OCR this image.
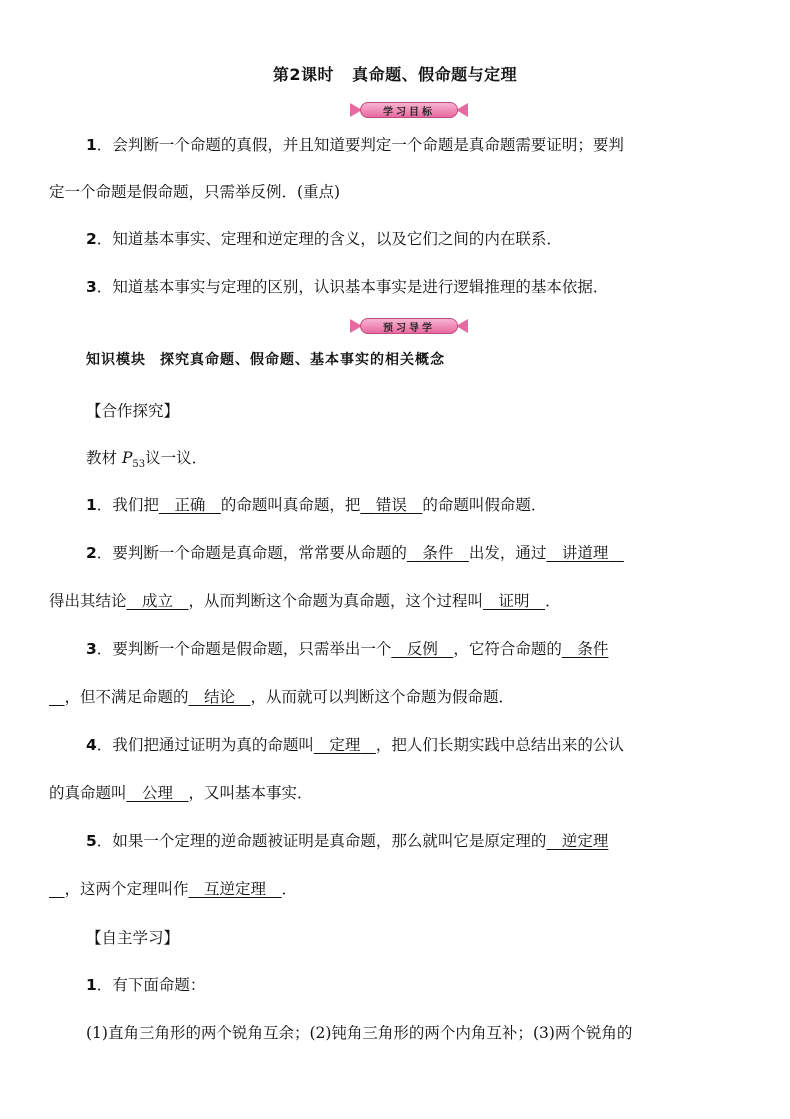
第2课时 真命题、假命题与定理
学习目标
1．会判断一个命题的真假，并且知道要判定一个命题是真命题需要证明；要判
定一个命题是假命题，只需举反例．(重点)
2．知道基本事实、定理和逆定理的含义，以及它们之间的内在联系．
3．知道基本事实与定理的区别，认识基本事实是进行逻辑推理的基本依据．
预习导学
知识模块 探究真命题、假命题、基本事实的相关概念
【合作探究】
教材 $P_{53}$议一议．
1．我们把   正确   的命题叫真命题，把   错误   的命题叫假命题．
2．要判断一个命题是真命题，常常要从命题的   条件   出发，通过   讲道理  
得出其结论   成立   ，从而判断这个命题为真命题，这个过程叫   证明   ．
3．要判断一个命题是假命题，只需举出一个   反例   ，它符合命题的   条件
  ，但不满足命题的   结论   ，从而就可以判断这个命题为假命题．
4．我们把通过证明为真的命题叫   定理   ，把人们长期实践中总结出来的公认
的真命题叫   公理   ，又叫基本事实．
5．如果一个定理的逆命题被证明是真命题，那么就叫它是原定理的   逆定理
  ，这两个定理叫作   互逆定理   ．
【自主学习】
1．有下面命题：
(1)直角三角形的两个锐角互余；(2)钝角三角形的两个内角互补；(3)两个锐角的
